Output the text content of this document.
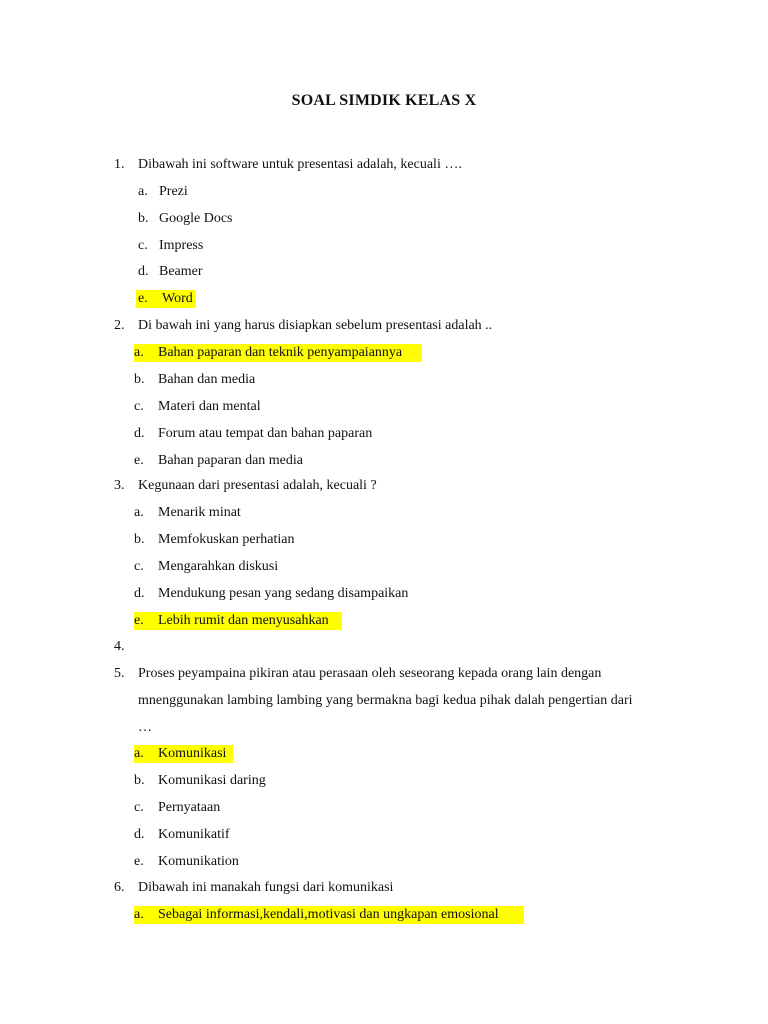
SOAL SIMDIK KELAS X
1. Dibawah ini software untuk presentasi adalah, kecuali ….
a. Prezi
b. Google Docs
c. Impress
d. Beamer
e.	Word
2. Di bawah ini yang harus disiapkan sebelum presentasi adalah ..
a.	Bahan paparan dan teknik penyampaiannya
b. Bahan dan media
c.	Materi dan mental
d. Forum atau tempat dan bahan paparan
e.	Bahan paparan dan media
3. Kegunaan dari presentasi adalah, kecuali ?
a.	Menarik minat
b. Memfokuskan perhatian
c.	Mengarahkan diskusi
d. Mendukung pesan yang sedang disampaikan
e.	Lebih rumit dan menyusahkan
4.
5. Proses peyampaina pikiran atau perasaan oleh seseorang kepada orang lain dengan
mnenggunakan lambing lambing yang bermakna bagi kedua pihak dalah pengertian dari
…
a.	Komunikasi
b. Komunikasi daring
c.	Pernyataan
d. Komunikatif
e.	Komunikation
6. Dibawah ini manakah fungsi dari komunikasi
a.	Sebagai informasi,kendali,motivasi dan ungkapan emosional
